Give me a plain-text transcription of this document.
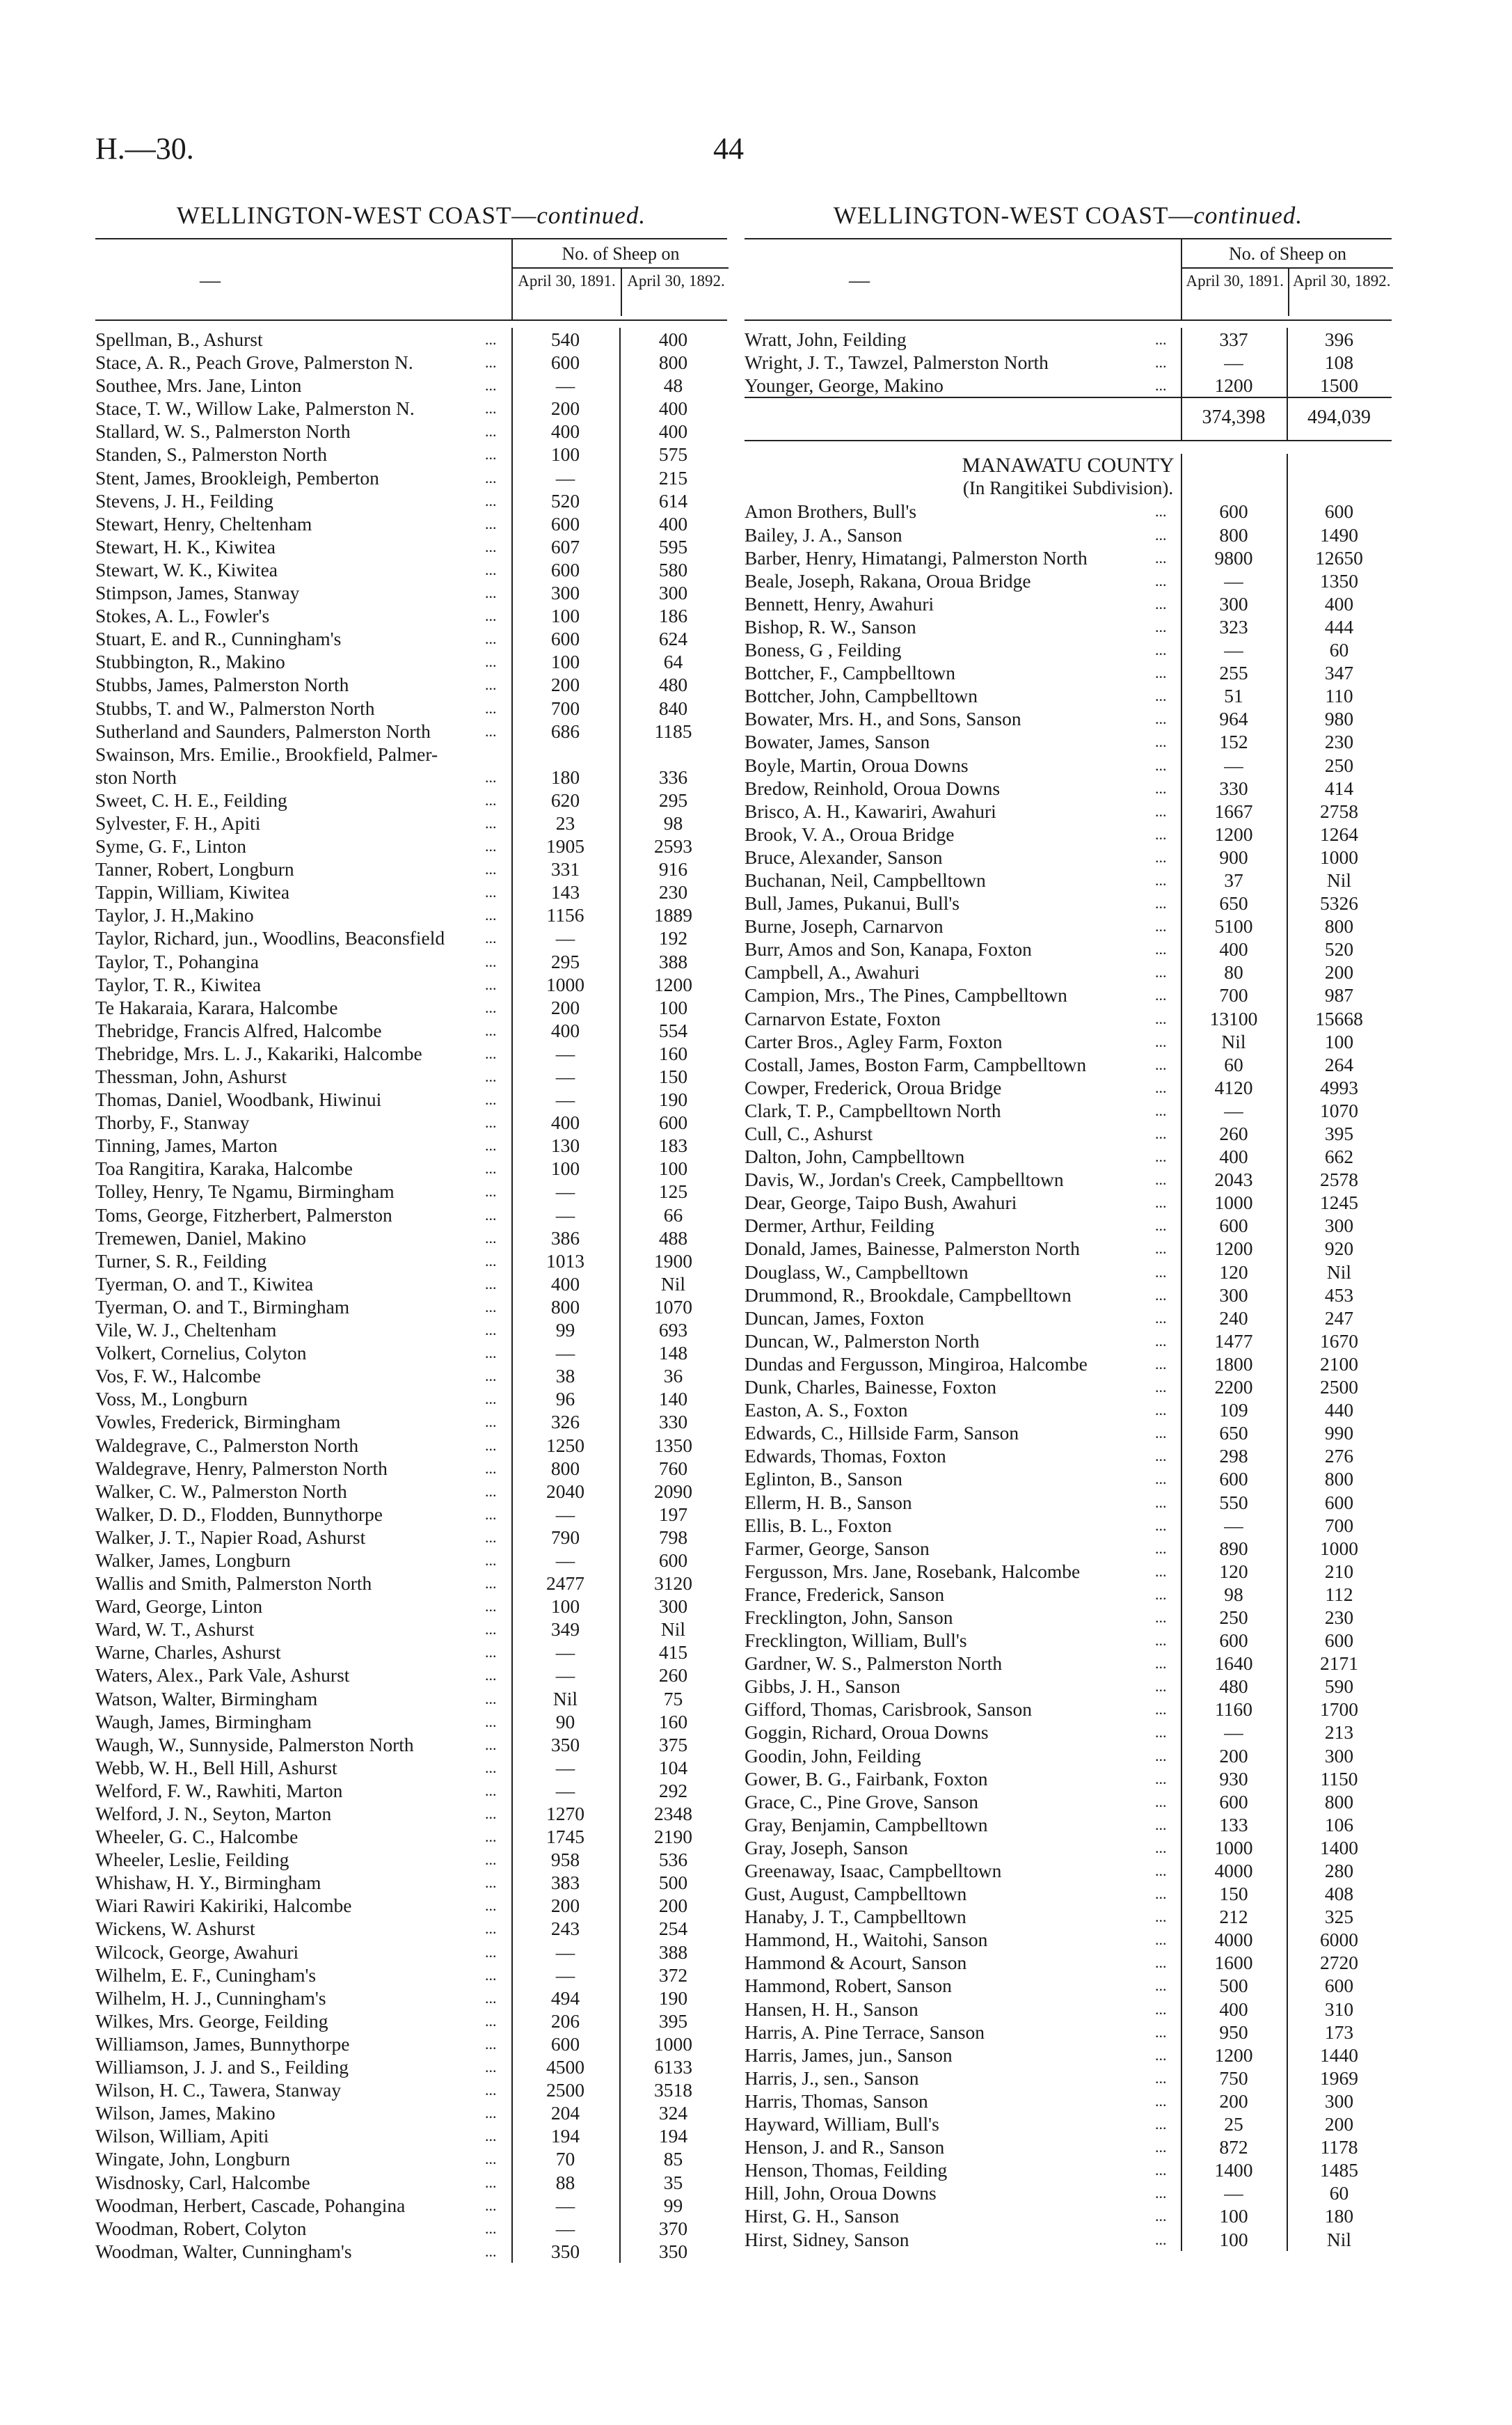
H.—30.	44
WELLINGTON-WEST COAST—continued.
—
No. of Sheep on
April 30, 1891. April 30, 1892.
Spellman, B., Ashurst	...	540	400
Stace, A. R., Peach Grove, Palmerston N.	...	600	800
Southee, Mrs. Jane, Linton	...	—	48
Stace, T. W., Willow Lake, Palmerston N.	...	200	400
Stallard, W. S., Palmerston North	...	400	400
Standen, S., Palmerston North	...	100	575
Stent, James, Brookleigh, Pemberton	...	—	215
Stevens, J. H., Feilding	...	520	614
Stewart, Henry, Cheltenham	...	600	400
Stewart, H. K., Kiwitea	...	607	595
Stewart, W. K., Kiwitea	...	600	580
Stimpson, James, Stanway	...	300	300
Stokes, A. L., Fowler's	...	100	186
Stuart, E. and R., Cunningham's	...	600	624
Stubbington, R., Makino	...	100	64
Stubbs, James, Palmerston North	...	200	480
Stubbs, T. and W., Palmerston North	...	700	840
Sutherland and Saunders, Palmerston North	...	686	1185
Swainson, Mrs. Emilie., Brookfield, Palmer-
ston North	...	180	336
Sweet, C. H. E., Feilding	...	620	295
Sylvester, F. H., Apiti	...	23	98
Syme, G. F., Linton	...	1905	2593
Tanner, Robert, Longburn	...	331	916
Tappin, William, Kiwitea	...	143	230
Taylor, J. H.,Makino	...	1156	1889
Taylor, Richard, jun., Woodlins, Beaconsfield	...	—	192
Taylor, T., Pohangina	...	295	388
Taylor, T. R., Kiwitea	...	1000	1200
Te Hakaraia, Karara, Halcombe	...	200	100
Thebridge, Francis Alfred, Halcombe	...	400	554
Thebridge, Mrs. L. J., Kakariki, Halcombe	...	—	160
Thessman, John, Ashurst	...	—	150
Thomas, Daniel, Woodbank, Hiwinui	...	—	190
Thorby, F., Stanway	...	400	600
Tinning, James, Marton	...	130	183
Toa Rangitira, Karaka, Halcombe	...	100	100
Tolley, Henry, Te Ngamu, Birmingham	...	—	125
Toms, George, Fitzherbert, Palmerston	...	—	66
Tremewen, Daniel, Makino	...	386	488
Turner, S. R., Feilding	...	1013	1900
Tyerman, O. and T., Kiwitea	...	400	Nil
Tyerman, O. and T., Birmingham	...	800	1070
Vile, W. J., Cheltenham	...	99	693
Volkert, Cornelius, Colyton	...	—	148
Vos, F. W., Halcombe	...	38	36
Voss, M., Longburn	...	96	140
Vowles, Frederick, Birmingham	...	326	330
Waldegrave, C., Palmerston North	...	1250	1350
Waldegrave, Henry, Palmerston North	...	800	760
Walker, C. W., Palmerston North	...	2040	2090
Walker, D. D., Flodden, Bunnythorpe	...	—	197
Walker, J. T., Napier Road, Ashurst	...	790	798
Walker, James, Longburn	...	—	600
Wallis and Smith, Palmerston North	...	2477	3120
Ward, George, Linton	...	100	300
Ward, W. T., Ashurst	...	349	Nil
Warne, Charles, Ashurst	...	—	415
Waters, Alex., Park Vale, Ashurst	...	—	260
Watson, Walter, Birmingham	...	Nil	75
Waugh, James, Birmingham	...	90	160
Waugh, W., Sunnyside, Palmerston North	...	350	375
Webb, W. H., Bell Hill, Ashurst	...	—	104
Welford, F. W., Rawhiti, Marton	...	—	292
Welford, J. N., Seyton, Marton	...	1270	2348
Wheeler, G. C., Halcombe	...	1745	2190
Wheeler, Leslie, Feilding	...	958	536
Whishaw, H. Y., Birmingham	...	383	500
Wiari Rawiri Kakiriki, Halcombe	...	200	200
Wickens, W. Ashurst	...	243	254
Wilcock, George, Awahuri	...	—	388
Wilhelm, E. F., Cuningham's	...	—	372
Wilhelm, H. J., Cunningham's	...	494	190
Wilkes, Mrs. George, Feilding	...	206	395
Williamson, James, Bunnythorpe	...	600	1000
Williamson, J. J. and S., Feilding	...	4500	6133
Wilson, H. C., Tawera, Stanway	...	2500	3518
Wilson, James, Makino	...	204	324
Wilson, William, Apiti	...	194	194
Wingate, John, Longburn	...	70	85
Wisdnosky, Carl, Halcombe	...	88	35
Woodman, Herbert, Cascade, Pohangina	...	—	99
Woodman, Robert, Colyton	...	—	370
Woodman, Walter, Cunningham's	...	350	350
WELLINGTON-WEST COAST—continued.
—
No. of Sheep on
April 30, 1891. April 30, 1892.
Wratt, John, Feilding	...	337	396
Wright, J. T., Tawzel, Palmerston North	...	—	108
Younger, George, Makino	...	1200	1500
374,398	494,039
MANAWATU COUNTY
(In Rangitikei Subdivision).
Amon Brothers, Bull's	...	600	600
Bailey, J. A., Sanson	...	800	1490
Barber, Henry, Himatangi, Palmerston North	...	9800	12650
Beale, Joseph, Rakana, Oroua Bridge	...	—	1350
Bennett, Henry, Awahuri	...	300	400
Bishop, R. W., Sanson	...	323	444
Boness, G , Feilding	...	—	60
Bottcher, F., Campbelltown	...	255	347
Bottcher, John, Campbelltown	...	51	110
Bowater, Mrs. H., and Sons, Sanson	...	964	980
Bowater, James, Sanson	...	152	230
Boyle, Martin, Oroua Downs	...	—	250
Bredow, Reinhold, Oroua Downs	...	330	414
Brisco, A. H., Kawariri, Awahuri	...	1667	2758
Brook, V. A., Oroua Bridge	...	1200	1264
Bruce, Alexander, Sanson	...	900	1000
Buchanan, Neil, Campbelltown	...	37	Nil
Bull, James, Pukanui, Bull's	...	650	5326
Burne, Joseph, Carnarvon	...	5100	800
Burr, Amos and Son, Kanapa, Foxton	...	400	520
Campbell, A., Awahuri	...	80	200
Campion, Mrs., The Pines, Campbelltown	...	700	987
Carnarvon Estate, Foxton	...	13100	15668
Carter Bros., Agley Farm, Foxton	...	Nil	100
Costall, James, Boston Farm, Campbelltown	...	60	264
Cowper, Frederick, Oroua Bridge	...	4120	4993
Clark, T. P., Campbelltown North	...	—	1070
Cull, C., Ashurst	...	260	395
Dalton, John, Campbelltown	...	400	662
Davis, W., Jordan's Creek, Campbelltown	...	2043	2578
Dear, George, Taipo Bush, Awahuri	...	1000	1245
Dermer, Arthur, Feilding	...	600	300
Donald, James, Bainesse, Palmerston North	...	1200	920
Douglass, W., Campbelltown	...	120	Nil
Drummond, R., Brookdale, Campbelltown	...	300	453
Duncan, James, Foxton	...	240	247
Duncan, W., Palmerston North	...	1477	1670
Dundas and Fergusson, Mingiroa, Halcombe	...	1800	2100
Dunk, Charles, Bainesse, Foxton	...	2200	2500
Easton, A. S., Foxton	...	109	440
Edwards, C., Hillside Farm, Sanson	...	650	990
Edwards, Thomas, Foxton	...	298	276
Eglinton, B., Sanson	...	600	800
Ellerm, H. B., Sanson	...	550	600
Ellis, B. L., Foxton	...	—	700
Farmer, George, Sanson	...	890	1000
Fergusson, Mrs. Jane, Rosebank, Halcombe	...	120	210
France, Frederick, Sanson	...	98	112
Frecklington, John, Sanson	...	250	230
Frecklington, William, Bull's	...	600	600
Gardner, W. S., Palmerston North	...	1640	2171
Gibbs, J. H., Sanson	...	480	590
Gifford, Thomas, Carisbrook, Sanson	...	1160	1700
Goggin, Richard, Oroua Downs	...	—	213
Goodin, John, Feilding	...	200	300
Gower, B. G., Fairbank, Foxton	...	930	1150
Grace, C., Pine Grove, Sanson	...	600	800
Gray, Benjamin, Campbelltown	...	133	106
Gray, Joseph, Sanson	...	1000	1400
Greenaway, Isaac, Campbelltown	...	4000	280
Gust, August, Campbelltown	...	150	408
Hanaby, J. T., Campbelltown	...	212	325
Hammond, H., Waitohi, Sanson	...	4000	6000
Hammond & Acourt, Sanson	...	1600	2720
Hammond, Robert, Sanson	...	500	600
Hansen, H. H., Sanson	...	400	310
Harris, A. Pine Terrace, Sanson	...	950	173
Harris, James, jun., Sanson	...	1200	1440
Harris, J., sen., Sanson	...	750	1969
Harris, Thomas, Sanson	...	200	300
Hayward, William, Bull's	...	25	200
Henson, J. and R., Sanson	...	872	1178
Henson, Thomas, Feilding	...	1400	1485
Hill, John, Oroua Downs	...	—	60
Hirst, G. H., Sanson	...	100	180
Hirst, Sidney, Sanson	...	100	Nil
